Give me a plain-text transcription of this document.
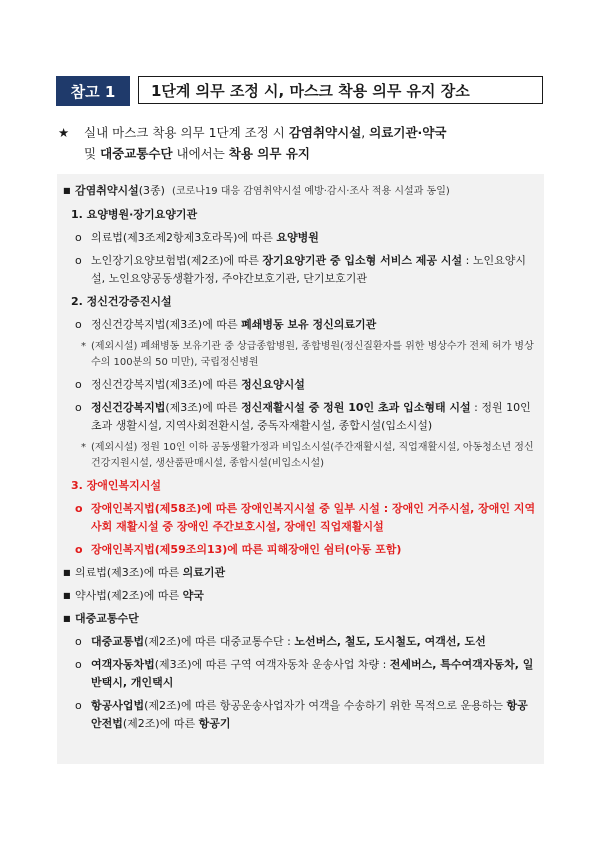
참고 1	1단계 의무 조정 시, 마스크 착용 의무 유지 장소
★ 실내 마스크 착용 의무 1단계 조정 시 감염취약시설, 의료기관·약국
및 대중교통수단 내에서는 착용 의무 유지
■ 감염취약시설(3종) (코로나19 대응 감염취약시설 예방·감시·조사 적용 시설과 동일)
1. 요양병원·장기요양기관
ο 의료법(제3조제2항제3호라목)에 따른 요양병원
ο 노인장기요양보험법(제2조)에 따른 장기요양기관 중 입소형 서비스 제공 시설 : 노인요양시설, 노인요양공동생활가정, 주야간보호기관, 단기보호기관
2. 정신건강증진시설
ο 정신건강복지법(제3조)에 따른 폐쇄병동 보유 정신의료기관
* (제외시설) 폐쇄병동 보유기관 중 상급종합병원, 종합병원(정신질환자를 위한 병상수가 전체 허가 병상 수의 100분의 50 미만), 국립정신병원
ο 정신건강복지법(제3조)에 따른 정신요양시설
ο 정신건강복지법(제3조)에 따른 정신재활시설 중 정원 10인 초과 입소형태 시설 : 정원 10인 초과 생활시설, 지역사회전환시설, 중독자재활시설, 종합시설(입소시설)
* (제외시설) 정원 10인 이하 공동생활가정과 비입소시설(주간재활시설, 직업재활시설, 아동청소년 정신건강지원시설, 생산품판매시설, 종합시설(비입소시설)
3. 장애인복지시설
ο 장애인복지법(제58조)에 따른 장애인복지시설 중 일부 시설 : 장애인 거주시설, 장애인 지역사회 재활시설 중 장애인 주간보호시설, 장애인 직업재활시설
ο 장애인복지법(제59조의13)에 따른 피해장애인 쉼터(아동 포함)
■ 의료법(제3조)에 따른 의료기관
■ 약사법(제2조)에 따른 약국
■ 대중교통수단
ο 대중교통법(제2조)에 따른 대중교통수단 : 노선버스, 철도, 도시철도, 여객선, 도선
ο 여객자동차법(제3조)에 따른 구역 여객자동차 운송사업 차량 : 전세버스, 특수여객자동차, 일반택시, 개인택시
ο 항공사업법(제2조)에 따른 항공운송사업자가 여객을 수송하기 위한 목적으로 운용하는 항공안전법(제2조)에 따른 항공기
